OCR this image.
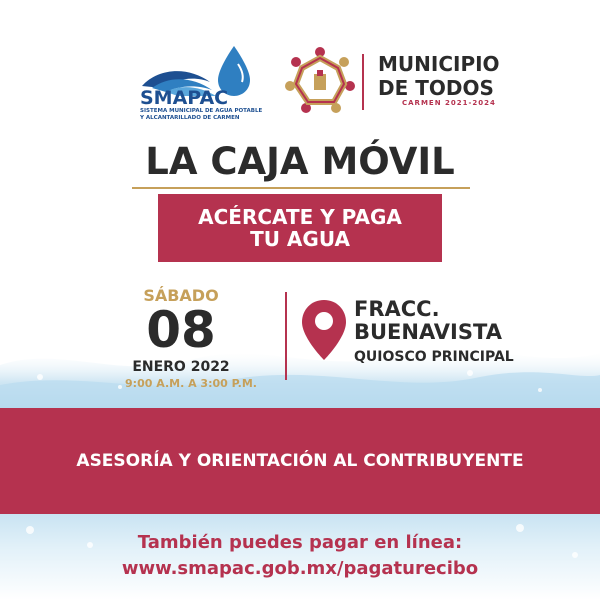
SMAPAC
SISTEMA MUNICIPAL DE AGUA POTABLE
Y ALCANTARILLADO DE CARMEN
MUNICIPIO
DE TODOS
CARMEN 2021-2024
LA CAJA MÓVIL
ACÉRCATE Y PAGA
TU AGUA
SÁBADO
08
ENERO 2022
9:00 A.M. A 3:00 P.M.
FRACC.
BUENAVISTA
QUIOSCO PRINCIPAL
ASESORÍA Y ORIENTACIÓN AL CONTRIBUYENTE
También puedes pagar en línea:
www.smapac.gob.mx/pagaturecibo
